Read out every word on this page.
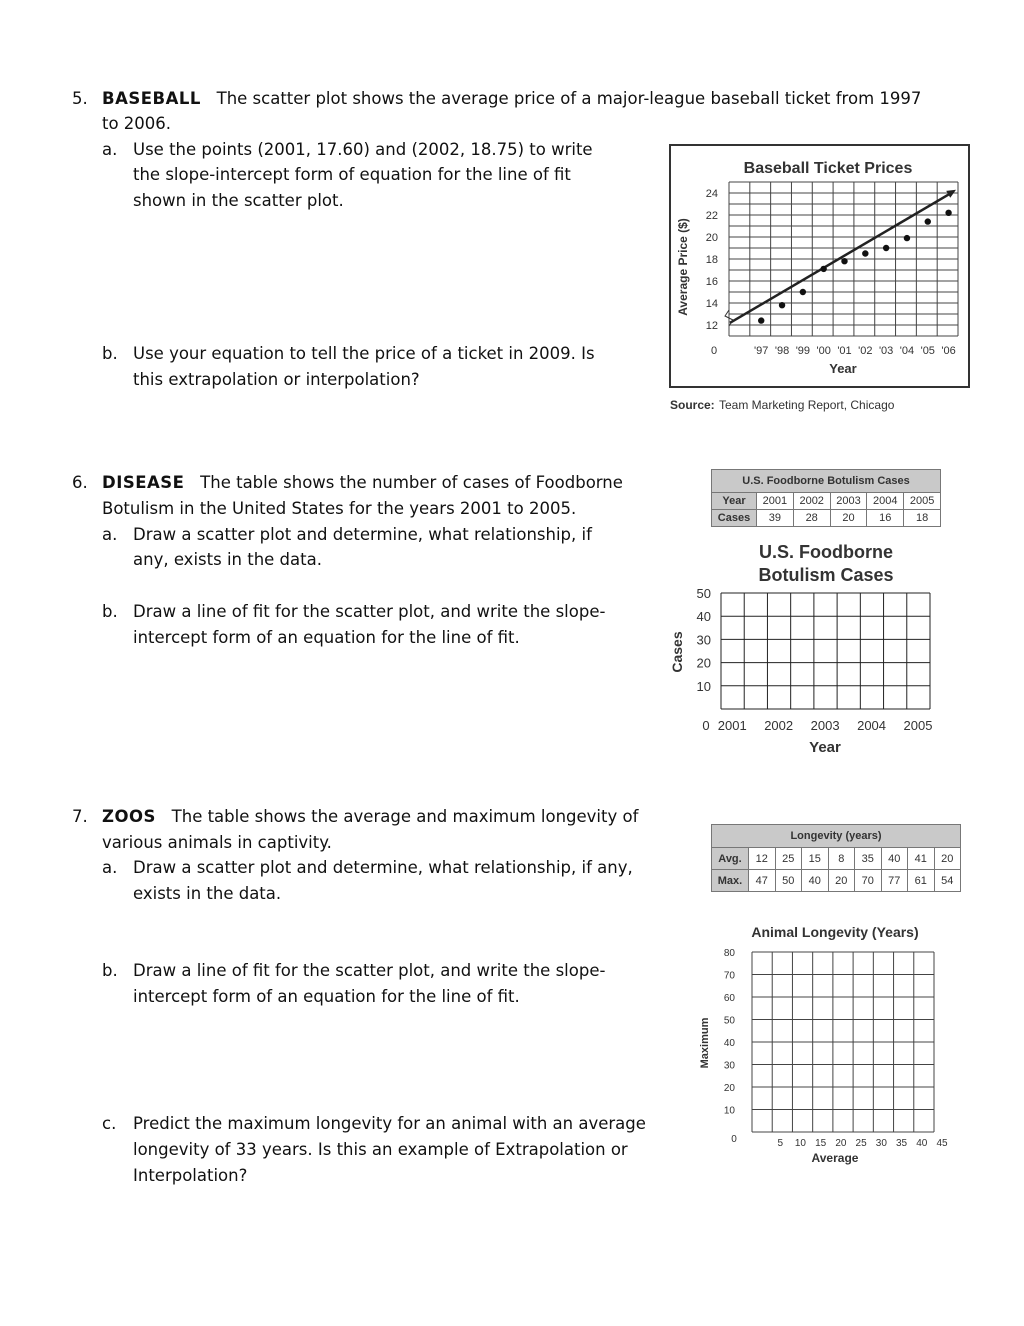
5. BASEBALL The scatter plot shows the average price of a major-league baseball ticket from 1997
to 2006.
a. Use the points (2001, 17.60) and (2002, 18.75) to write
the slope-intercept form of equation for the line of fit
shown in the scatter plot.
b. Use your equation to tell the price of a ticket in 2009. Is
this extrapolation or interpolation?
Baseball Ticket Prices
12
14
16
18
20
22
24
0	'97 '98 '99 '00 '01 '02 '03 '04 '05 '06
Average Price ($)
Year
Source: Team Marketing Report, Chicago
6. DISEASE The table shows the number of cases of Foodborne
Botulism in the United States for the years 2001 to 2005.
a. Draw a scatter plot and determine, what relationship, if
any, exists in the data.
b. Draw a line of fit for the scatter plot, and write the slope-
intercept form of an equation for the line of fit.
U.S. Foodborne Botulism Cases					
Year	2001	2002	2003	2004	2005
Cases	39	28	20	16	18
U.S. Foodborne
Botulism Cases
10
20
30
40
50
0 2001 2002 2003 2004 2005
Cases
Year
7. ZOOS The table shows the average and maximum longevity of
various animals in captivity.
a. Draw a scatter plot and determine, what relationship, if any,
exists in the data.
b. Draw a line of fit for the scatter plot, and write the slope-
intercept form of an equation for the line of fit.
c. Predict the maximum longevity for an animal with an average
longevity of 33 years. Is this an example of Extrapolation or
Interpolation?
Longevity (years)								
Avg.	12	25	15	8	35	40	41	20
Max.	47	50	40	20	70	77	61	54
Animal Longevity (Years)
10
20
30
40
50
60
70
80
0	5 10 15 20 25 30 35 40 45
Maximum
Average
